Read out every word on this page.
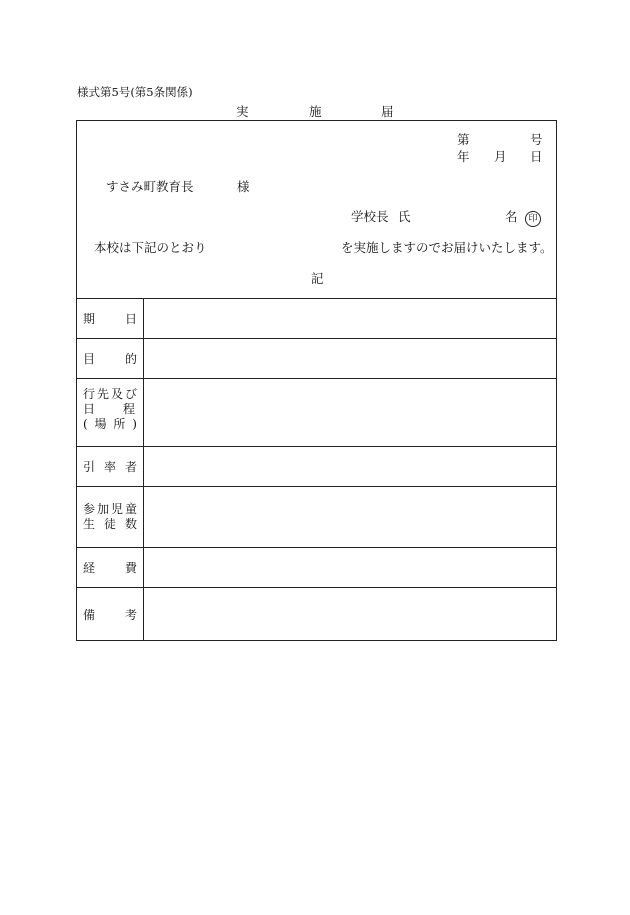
様式第5号(第5条関係)
実	施	届
第	号
年 月 日
すさみ町教育長	様
学校長 氏	名	印
本校は下記のとおり	を実施しますのでお届けいたします。
記
期 日
目 的
行先及び
日程
(場所)
引率者
参加児童
生徒数
経 費
備 考
